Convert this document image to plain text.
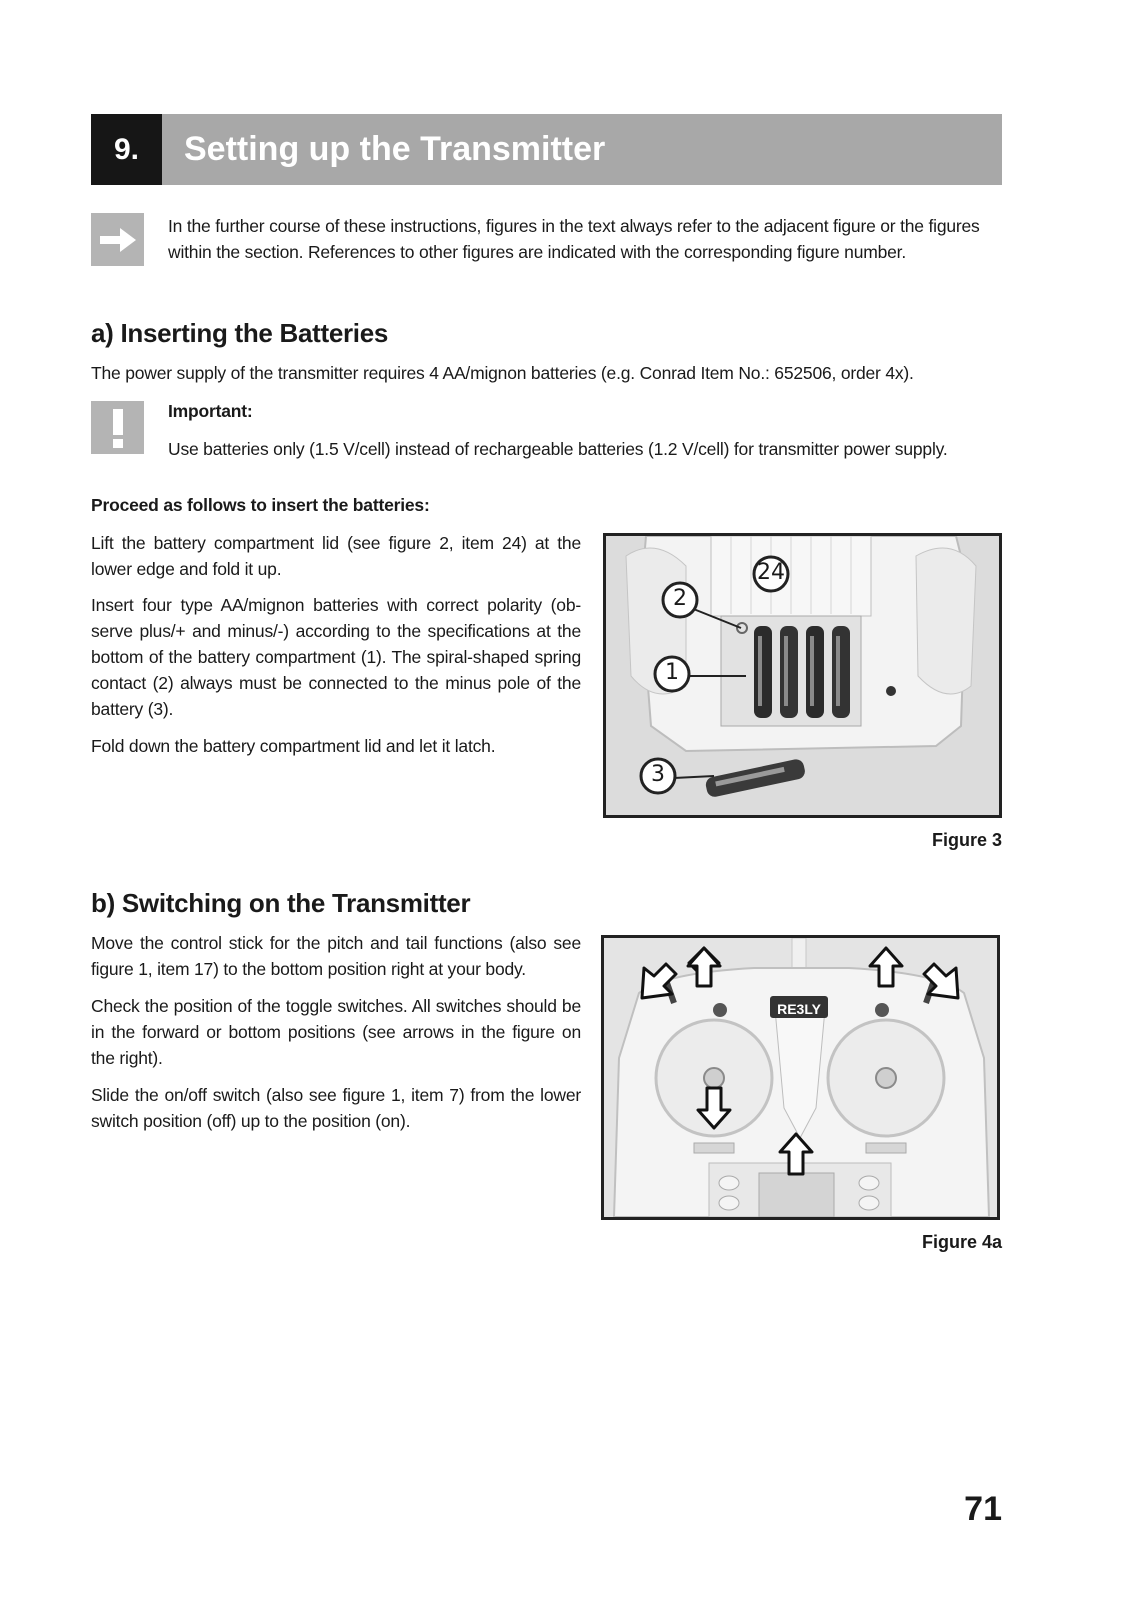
9.	Setting up the Transmitter
In the further course of these instructions, figures in the text always refer to the adjacent figure or the figures within the section. References to other figures are indicated with the corresponding figure number.
a) Inserting the Batteries
The power supply of the transmitter requires 4 AA/mignon batteries (e.g. Conrad Item No.: 652506, order 4x).
Important:
Use batteries only (1.5 V/cell) instead of rechargeable batteries (1.2 V/cell) for transmitter power supply.
Proceed as follows to insert the batteries:
Lift the battery compartment lid (see figure 2, item 24) at the lower edge and fold it up.
Insert four type AA/mignon batteries with correct polarity (ob-serve plus/+ and minus/-) according to the specifications at the bottom of the battery compartment (1). The spiral-shaped spring contact (2) always must be connected to the minus pole of the battery (3).
Fold down the battery compartment lid and let it latch.
24
2
1
3
Figure 3
b) Switching on the Transmitter
Move the control stick for the pitch and tail functions (also see figure 1, item 17) to the bottom position right at your body.
Check the position of the toggle switches. All switches should be in the forward or bottom positions (see arrows in the figure on the right).
Slide the on/off switch (also see figure 1, item 7) from the lower switch position (off) up to the position (on).
RE3LY
Figure 4a
71
